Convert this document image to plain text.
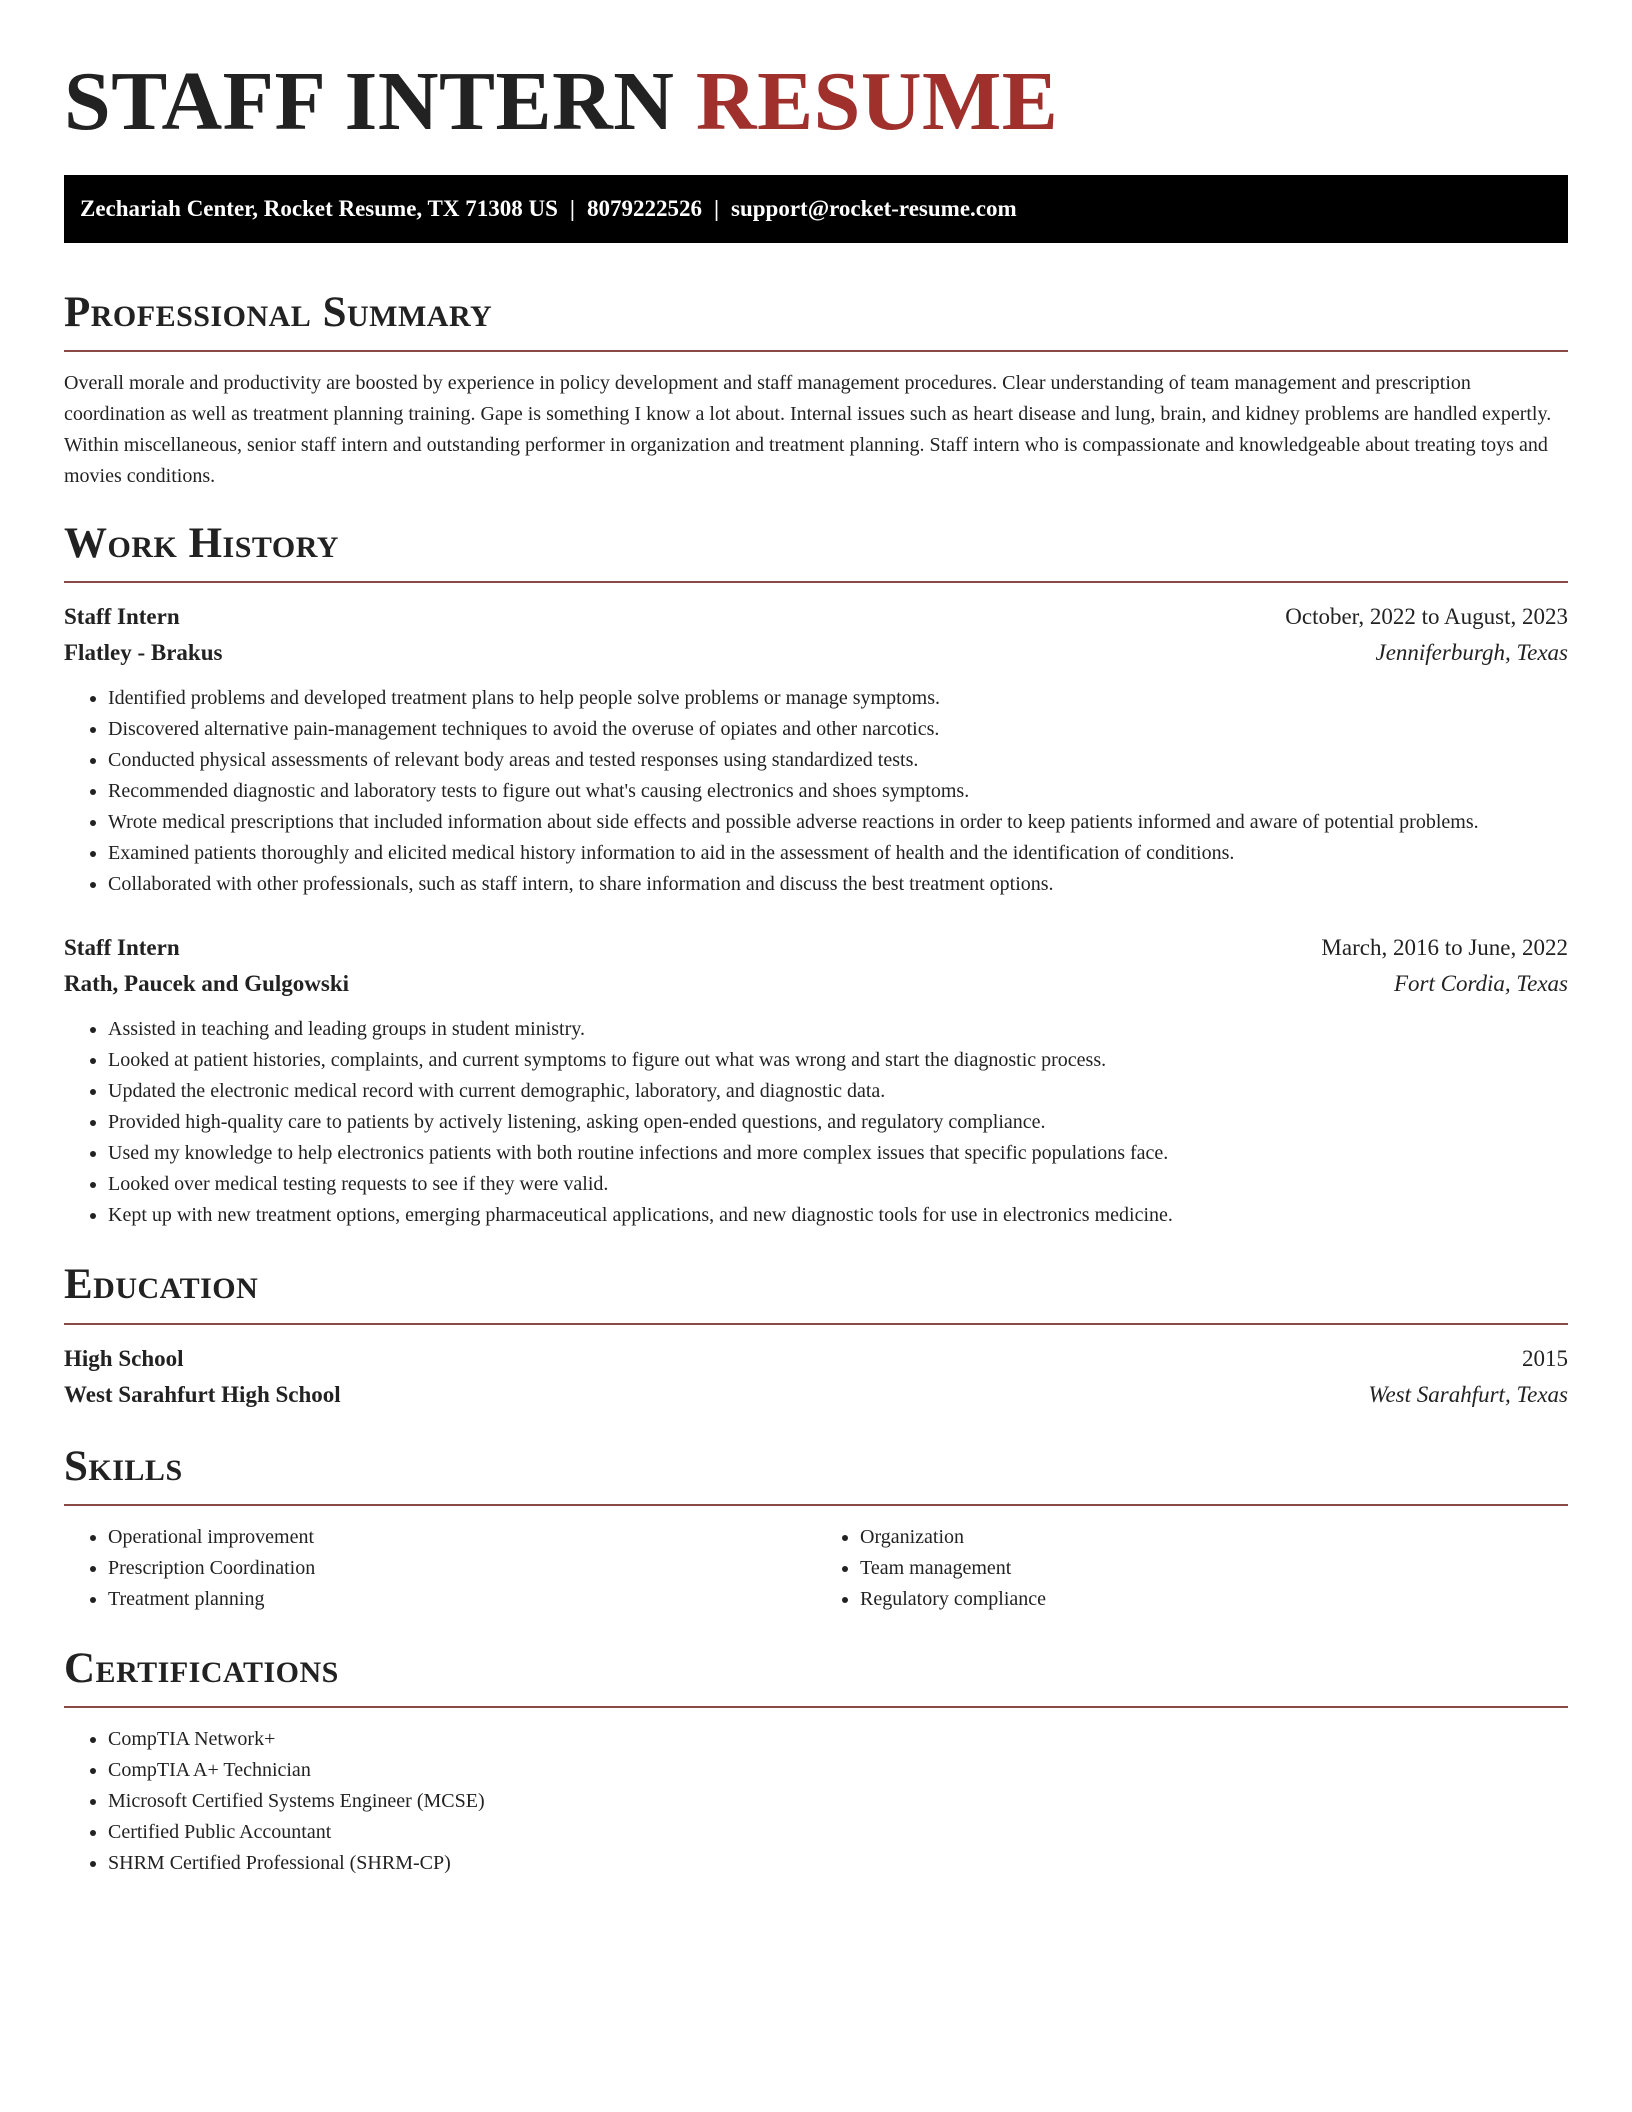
STAFF INTERN RESUME
Zechariah Center, Rocket Resume, TX 71308 US | 8079222526 | support@rocket-resume.com
Professional Summary
Overall morale and productivity are boosted by experience in policy development and staff management procedures. Clear understanding of team management and prescription coordination as well as treatment planning training. Gape is something I know a lot about. Internal issues such as heart disease and lung, brain, and kidney problems are handled expertly. Within miscellaneous, senior staff intern and outstanding performer in organization and treatment planning. Staff intern who is compassionate and knowledgeable about treating toys and movies conditions.
Work History
Staff Intern	October, 2022 to August, 2023
Flatley - Brakus	Jenniferburgh, Texas
• Identified problems and developed treatment plans to help people solve problems or manage symptoms.
• Discovered alternative pain-management techniques to avoid the overuse of opiates and other narcotics.
• Conducted physical assessments of relevant body areas and tested responses using standardized tests.
• Recommended diagnostic and laboratory tests to figure out what's causing electronics and shoes symptoms.
• Wrote medical prescriptions that included information about side effects and possible adverse reactions in order to keep patients informed and aware of potential problems.
• Examined patients thoroughly and elicited medical history information to aid in the assessment of health and the identification of conditions.
• Collaborated with other professionals, such as staff intern, to share information and discuss the best treatment options.
Staff Intern	March, 2016 to June, 2022
Rath, Paucek and Gulgowski	Fort Cordia, Texas
• Assisted in teaching and leading groups in student ministry.
• Looked at patient histories, complaints, and current symptoms to figure out what was wrong and start the diagnostic process.
• Updated the electronic medical record with current demographic, laboratory, and diagnostic data.
• Provided high-quality care to patients by actively listening, asking open-ended questions, and regulatory compliance.
• Used my knowledge to help electronics patients with both routine infections and more complex issues that specific populations face.
• Looked over medical testing requests to see if they were valid.
• Kept up with new treatment options, emerging pharmaceutical applications, and new diagnostic tools for use in electronics medicine.
Education
High School	2015
West Sarahfurt High School	West Sarahfurt, Texas
Skills
• Operational improvement
• Prescription Coordination
• Treatment planning
• Organization
• Team management
• Regulatory compliance
Certifications
• CompTIA Network+
• CompTIA A+ Technician
• Microsoft Certified Systems Engineer (MCSE)
• Certified Public Accountant
• SHRM Certified Professional (SHRM-CP)
